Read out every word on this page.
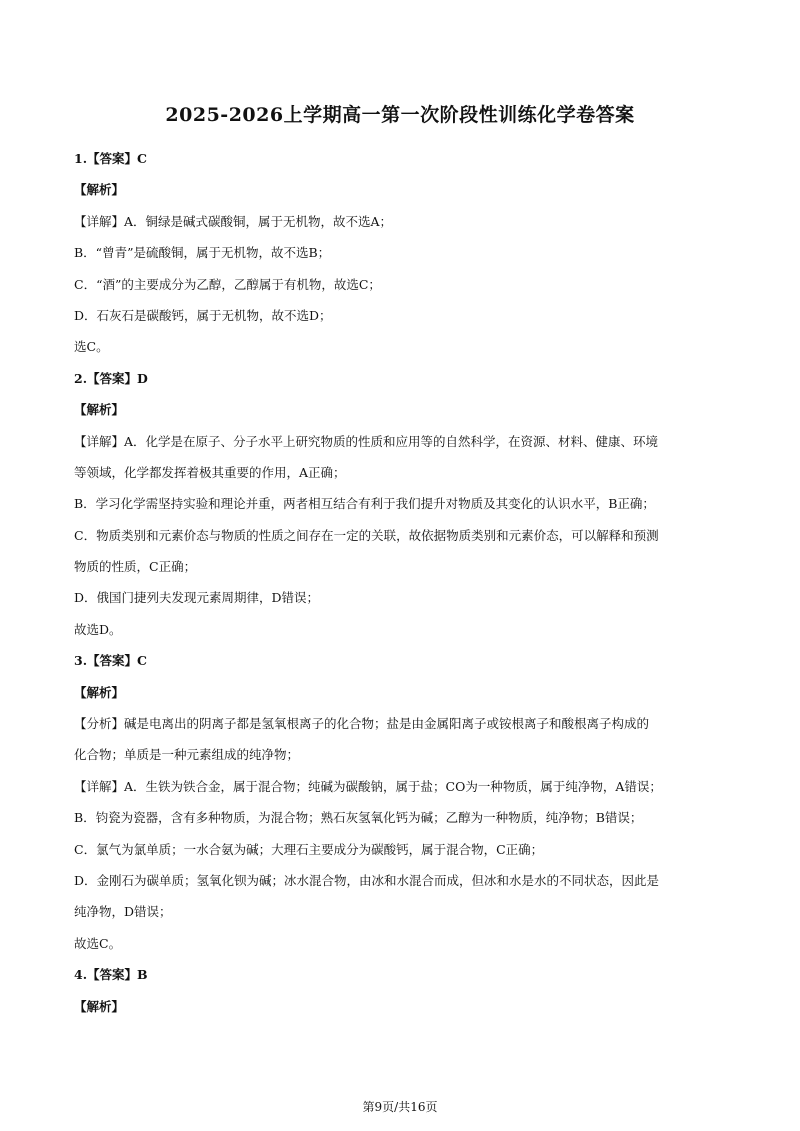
2025-2026上学期高一第一次阶段性训练化学卷答案
1.【答案】C
【解析】
【详解】A．铜绿是碱式碳酸铜，属于无机物，故不选A；
B．“曾青”是硫酸铜，属于无机物，故不选B；
C．“酒”的主要成分为乙醇，乙醇属于有机物，故选C；
D．石灰石是碳酸钙，属于无机物，故不选D；
选C。
2.【答案】D
【解析】
【详解】A．化学是在原子、分子水平上研究物质的性质和应用等的自然科学，在资源、材料、健康、环境
等领域，化学都发挥着极其重要的作用，A正确；
B．学习化学需坚持实验和理论并重，两者相互结合有利于我们提升对物质及其变化的认识水平，B正确；
C．物质类别和元素价态与物质的性质之间存在一定的关联，故依据物质类别和元素价态，可以解释和预测
物质的性质，C正确；
D．俄国门捷列夫发现元素周期律，D错误；
故选D。
3.【答案】C
【解析】
【分析】碱是电离出的阴离子都是氢氧根离子的化合物；盐是由金属阳离子或铵根离子和酸根离子构成的
化合物；单质是一种元素组成的纯净物；
【详解】A．生铁为铁合金，属于混合物；纯碱为碳酸钠，属于盐；CO为一种物质，属于纯净物，A错误；
B．钧瓷为瓷器，含有多种物质，为混合物；熟石灰氢氧化钙为碱；乙醇为一种物质，纯净物；B错误；
C．氯气为氯单质；一水合氨为碱；大理石主要成分为碳酸钙，属于混合物，C正确；
D．金刚石为碳单质；氢氧化钡为碱；冰水混合物，由冰和水混合而成，但冰和水是水的不同状态，因此是
纯净物，D错误；
故选C。
4.【答案】B
【解析】
第9页/共16页
